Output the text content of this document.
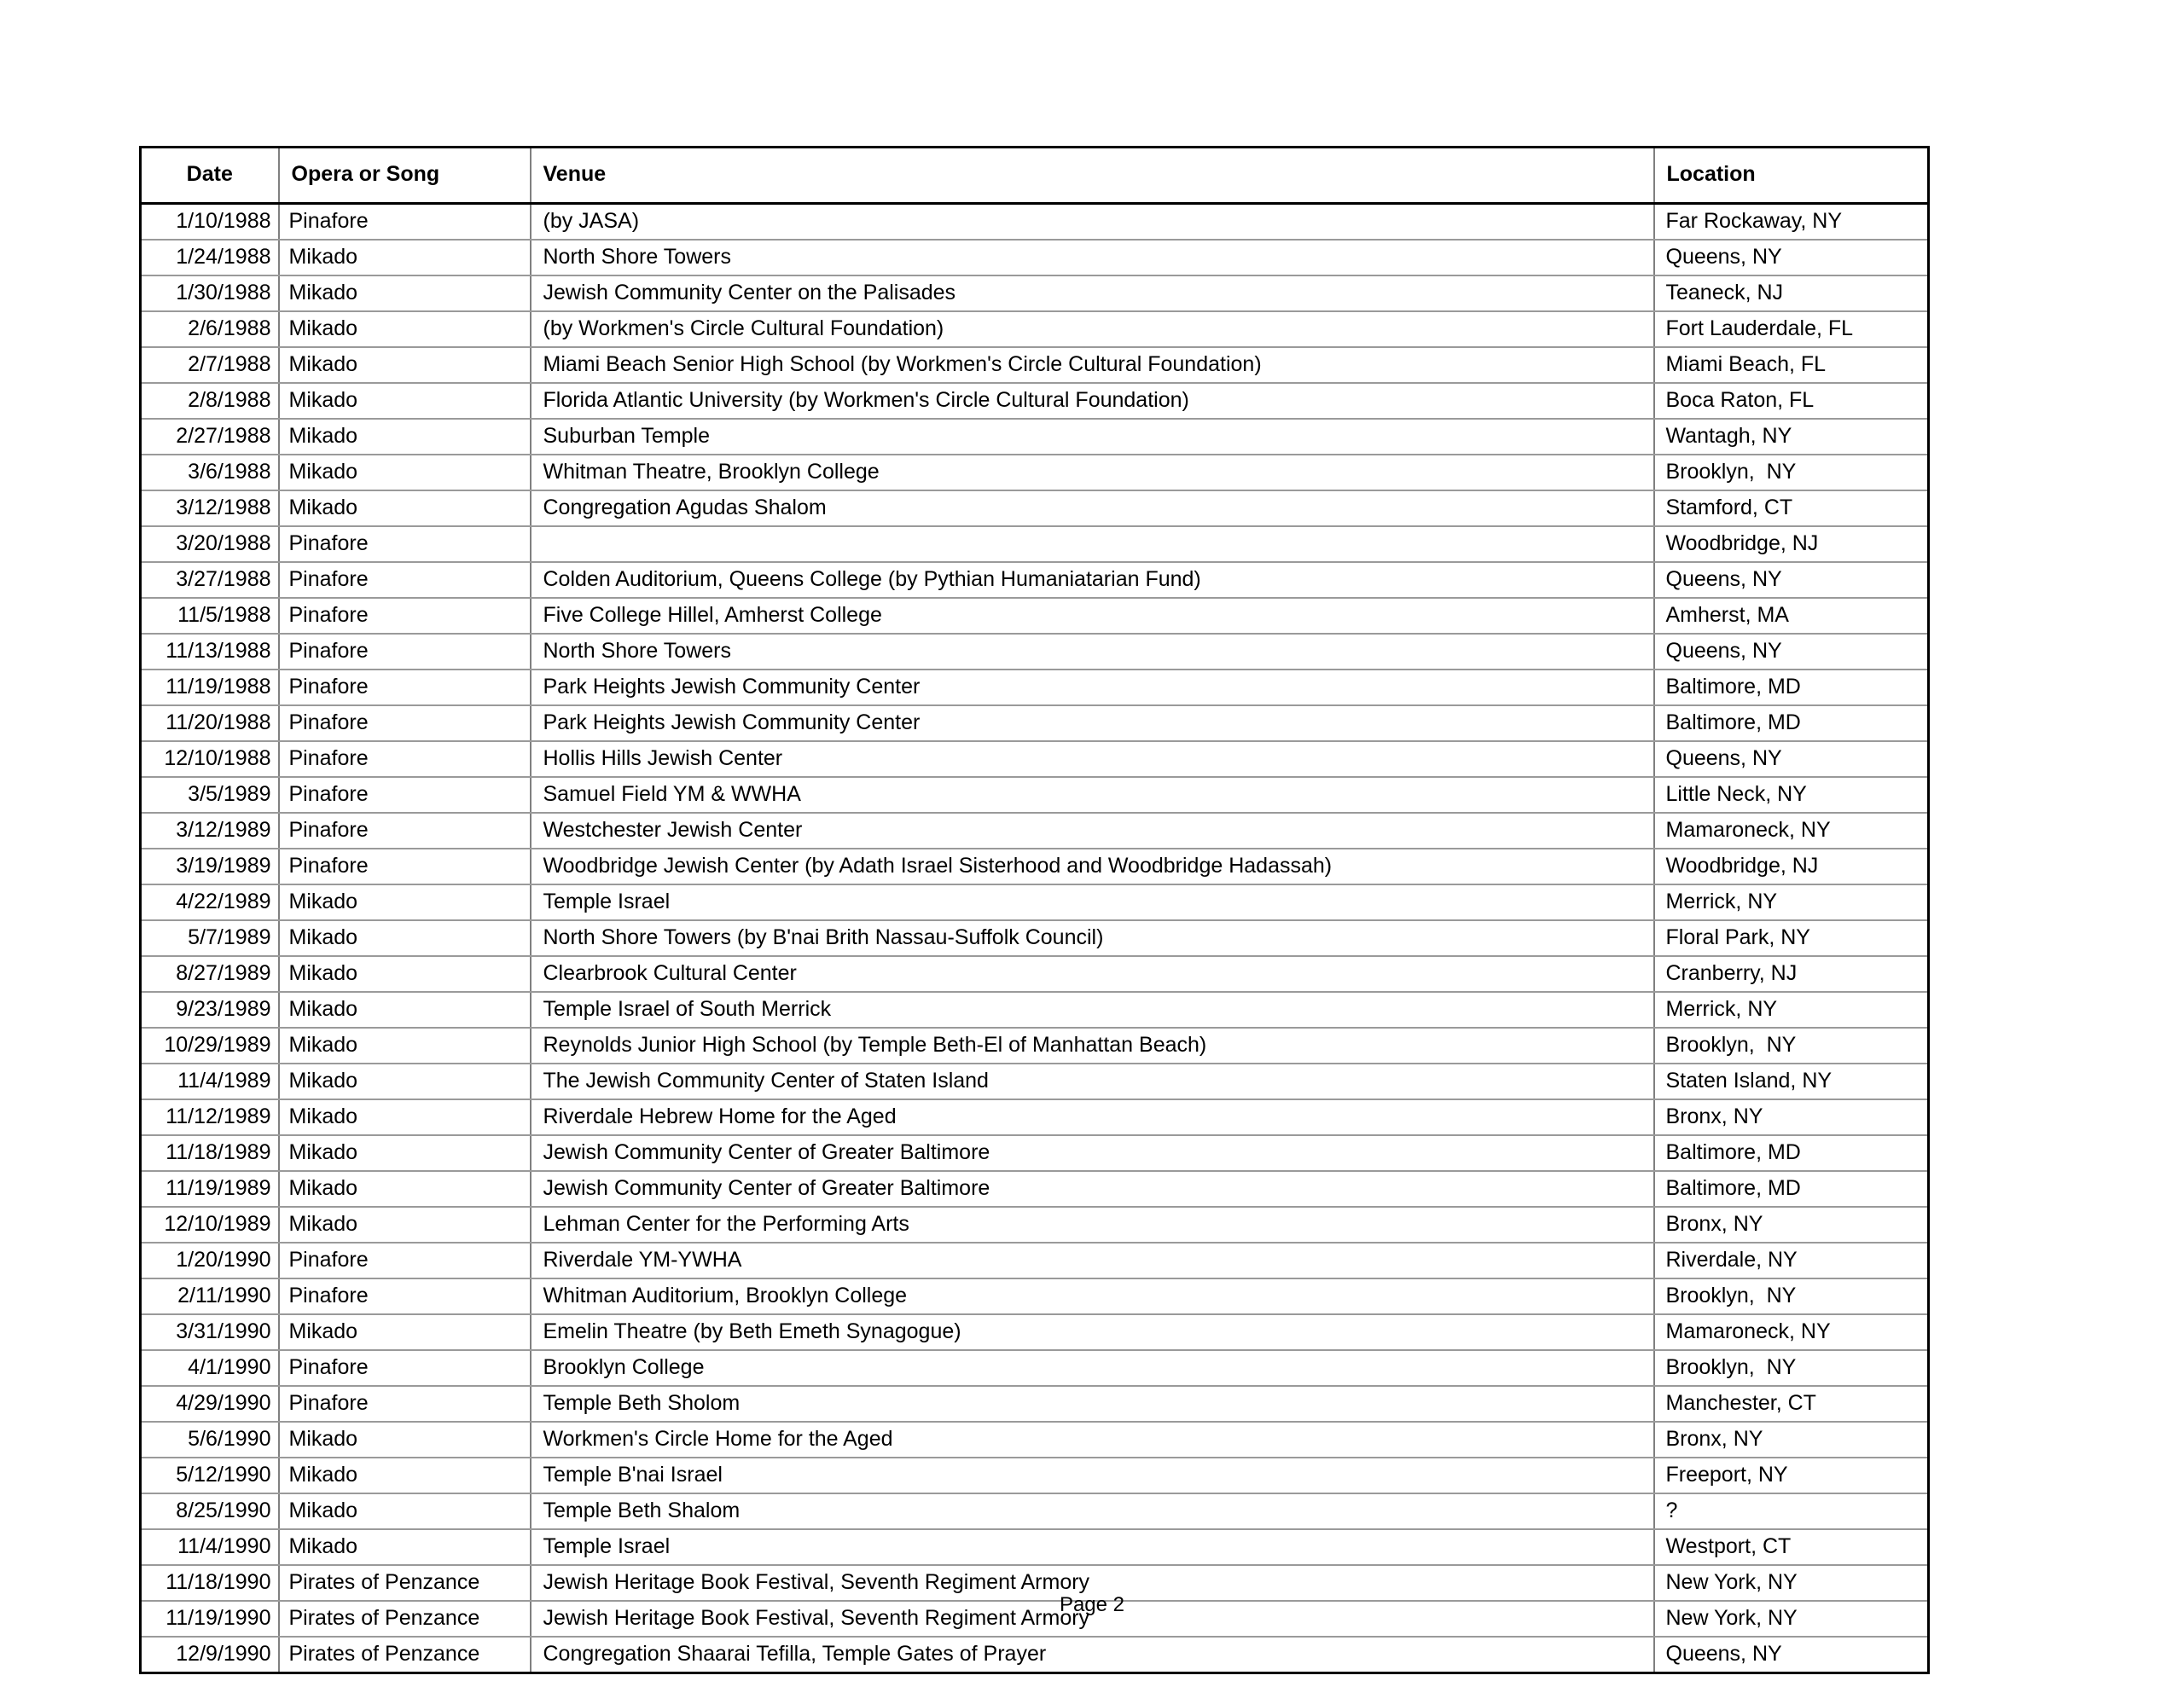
Date	Opera or Song	Venue	Location
1/10/1988	Pinafore	(by JASA)	Far Rockaway, NY
1/24/1988	Mikado	North Shore Towers	Queens, NY
1/30/1988	Mikado	Jewish Community Center on the Palisades	Teaneck, NJ
2/6/1988	Mikado	(by Workmen's Circle Cultural Foundation)	Fort Lauderdale, FL
2/7/1988	Mikado	Miami Beach Senior High School (by Workmen's Circle Cultural Foundation)	Miami Beach, FL
2/8/1988	Mikado	Florida Atlantic University (by Workmen's Circle Cultural Foundation)	Boca Raton, FL
2/27/1988	Mikado	Suburban Temple	Wantagh, NY
3/6/1988	Mikado	Whitman Theatre, Brooklyn College	Brooklyn,  NY
3/12/1988	Mikado	Congregation Agudas Shalom	Stamford, CT
3/20/1988	Pinafore		Woodbridge, NJ
3/27/1988	Pinafore	Colden Auditorium, Queens College (by Pythian Humaniatarian Fund)	Queens, NY
11/5/1988	Pinafore	Five College Hillel, Amherst College	Amherst, MA
11/13/1988	Pinafore	North Shore Towers	Queens, NY
11/19/1988	Pinafore	Park Heights Jewish Community Center	Baltimore, MD
11/20/1988	Pinafore	Park Heights Jewish Community Center	Baltimore, MD
12/10/1988	Pinafore	Hollis Hills Jewish Center	Queens, NY
3/5/1989	Pinafore	Samuel Field YM & WWHA	Little Neck, NY
3/12/1989	Pinafore	Westchester Jewish Center	Mamaroneck, NY
3/19/1989	Pinafore	Woodbridge Jewish Center (by Adath Israel Sisterhood and Woodbridge Hadassah)	Woodbridge, NJ
4/22/1989	Mikado	Temple Israel	Merrick, NY
5/7/1989	Mikado	North Shore Towers (by B'nai Brith Nassau-Suffolk Council)	Floral Park, NY
8/27/1989	Mikado	Clearbrook Cultural Center	Cranberry, NJ
9/23/1989	Mikado	Temple Israel of South Merrick	Merrick, NY
10/29/1989	Mikado	Reynolds Junior High School (by Temple Beth-El of Manhattan Beach)	Brooklyn,  NY
11/4/1989	Mikado	The Jewish Community Center of Staten Island	Staten Island, NY
11/12/1989	Mikado	Riverdale Hebrew Home for the Aged	Bronx, NY
11/18/1989	Mikado	Jewish Community Center of Greater Baltimore	Baltimore, MD
11/19/1989	Mikado	Jewish Community Center of Greater Baltimore	Baltimore, MD
12/10/1989	Mikado	Lehman Center for the Performing Arts	Bronx, NY
1/20/1990	Pinafore	Riverdale YM-YWHA	Riverdale, NY
2/11/1990	Pinafore	Whitman Auditorium, Brooklyn College	Brooklyn,  NY
3/31/1990	Mikado	Emelin Theatre (by Beth Emeth Synagogue)	Mamaroneck, NY
4/1/1990	Pinafore	Brooklyn College	Brooklyn,  NY
4/29/1990	Pinafore	Temple Beth Sholom	Manchester, CT
5/6/1990	Mikado	Workmen's Circle Home for the Aged	Bronx, NY
5/12/1990	Mikado	Temple B'nai Israel	Freeport, NY
8/25/1990	Mikado	Temple Beth Shalom	?
11/4/1990	Mikado	Temple Israel	Westport, CT
11/18/1990	Pirates of Penzance	Jewish Heritage Book Festival, Seventh Regiment Armory	New York, NY
11/19/1990	Pirates of Penzance	Jewish Heritage Book Festival, Seventh Regiment Armory	New York, NY
12/9/1990	Pirates of Penzance	Congregation Shaarai Tefilla, Temple Gates of Prayer	Queens, NY
Page 2
